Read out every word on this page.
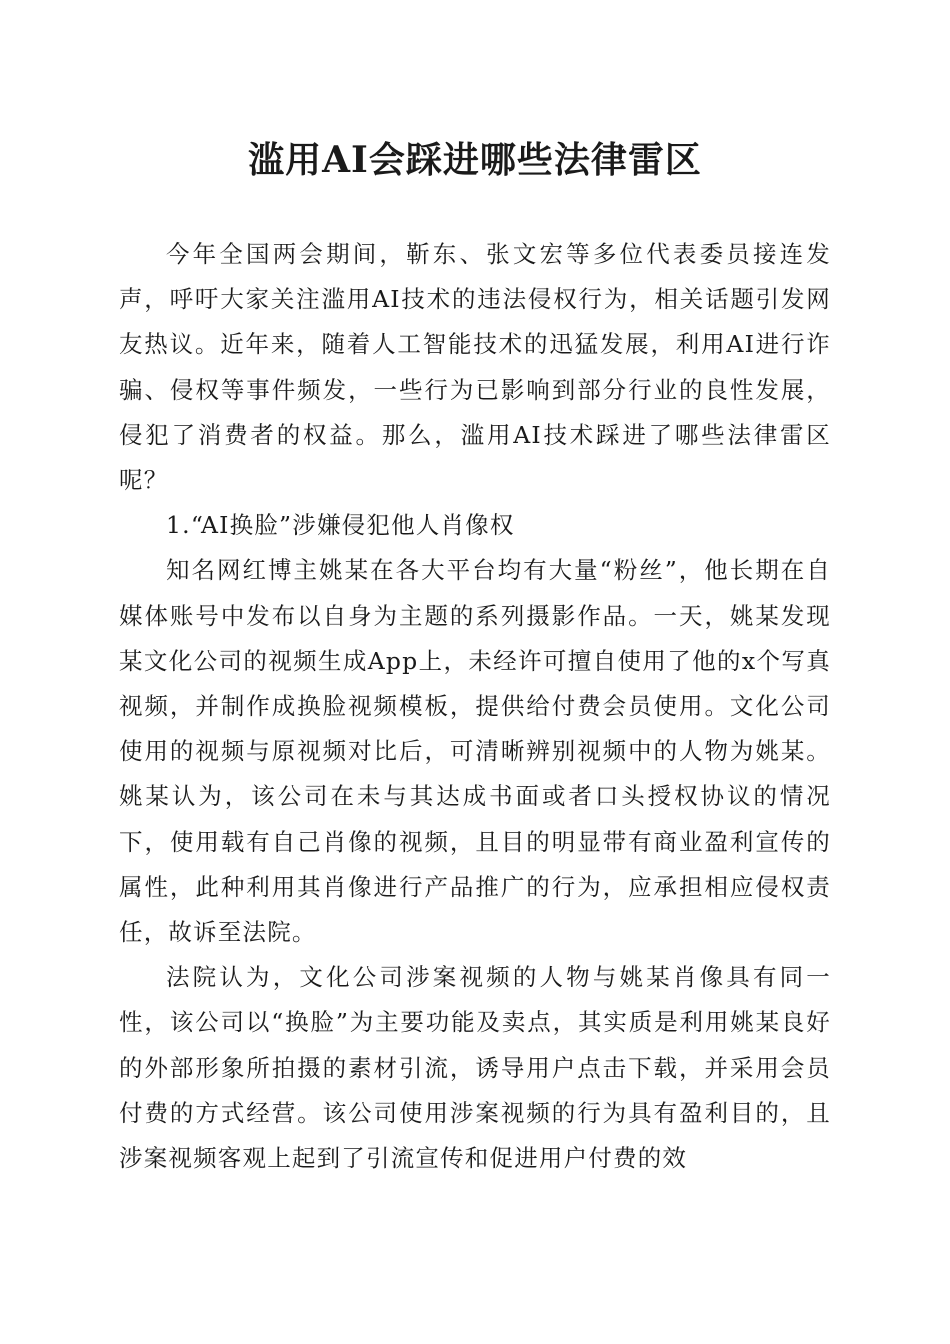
滥用AI会踩进哪些法律雷区

今年全国两会期间，靳东、张文宏等多位代表委员接连发声，呼吁大家关注滥用AI技术的违法侵权行为，相关话题引发网友热议。近年来，随着人工智能技术的迅猛发展，利用AI进行诈骗、侵权等事件频发，一些行为已影响到部分行业的良性发展，侵犯了消费者的权益。那么，滥用AI技术踩进了哪些法律雷区呢？

1.“AI换脸”涉嫌侵犯他人肖像权

知名网红博主姚某在各大平台均有大量“粉丝”，他长期在自媒体账号中发布以自身为主题的系列摄影作品。一天，姚某发现某文化公司的视频生成App上，未经许可擅自使用了他的x个写真视频，并制作成换脸视频模板，提供给付费会员使用。文化公司使用的视频与原视频对比后，可清晰辨别视频中的人物为姚某。姚某认为，该公司在未与其达成书面或者口头授权协议的情况下，使用载有自己肖像的视频，且目的明显带有商业盈利宣传的属性，此种利用其肖像进行产品推广的行为，应承担相应侵权责任，故诉至法院。

法院认为，文化公司涉案视频的人物与姚某肖像具有同一性，该公司以“换脸”为主要功能及卖点，其实质是利用姚某良好的外部形象所拍摄的素材引流，诱导用户点击下载，并采用会员付费的方式经营。该公司使用涉案视频的行为具有盈利目的，且涉案视频客观上起到了引流宣传和促进用户付费的效
